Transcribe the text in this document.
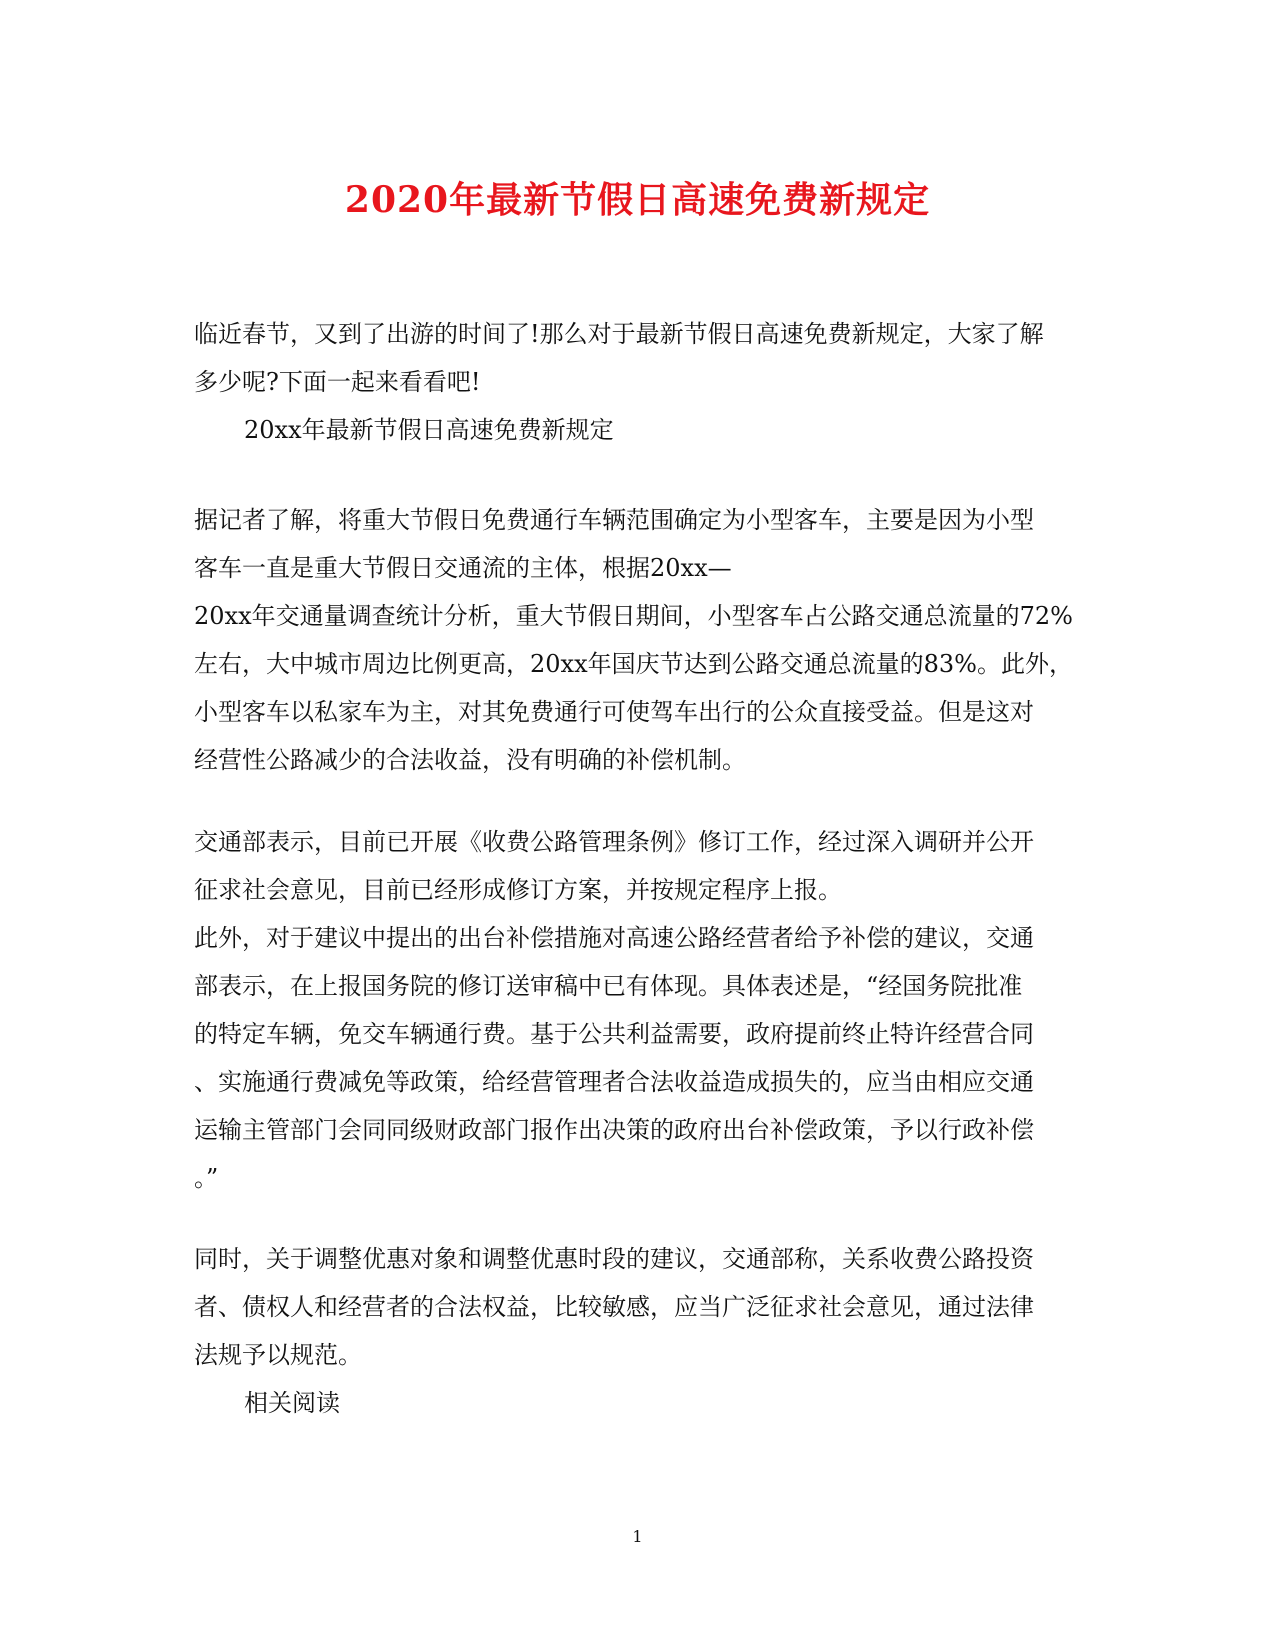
2020年最新节假日高速免费新规定
临近春节，又到了出游的时间了!那么对于最新节假日高速免费新规定，大家了解
多少呢?下面一起来看看吧!
20xx年最新节假日高速免费新规定
据记者了解，将重大节假日免费通行车辆范围确定为小型客车，主要是因为小型
客车一直是重大节假日交通流的主体，根据20xx—
20xx年交通量调查统计分析，重大节假日期间，小型客车占公路交通总流量的72%
左右，大中城市周边比例更高，20xx年国庆节达到公路交通总流量的83%。此外，
小型客车以私家车为主，对其免费通行可使驾车出行的公众直接受益。但是这对
经营性公路减少的合法收益，没有明确的补偿机制。
交通部表示，目前已开展《收费公路管理条例》修订工作，经过深入调研并公开
征求社会意见，目前已经形成修订方案，并按规定程序上报。
此外，对于建议中提出的出台补偿措施对高速公路经营者给予补偿的建议，交通
部表示，在上报国务院的修订送审稿中已有体现。具体表述是，“经国务院批准
的特定车辆，免交车辆通行费。基于公共利益需要，政府提前终止特许经营合同
、实施通行费减免等政策，给经营管理者合法收益造成损失的，应当由相应交通
运输主管部门会同同级财政部门报作出决策的政府出台补偿政策，予以行政补偿
。”
同时，关于调整优惠对象和调整优惠时段的建议，交通部称，关系收费公路投资
者、债权人和经营者的合法权益，比较敏感，应当广泛征求社会意见，通过法律
法规予以规范。
相关阅读
1
